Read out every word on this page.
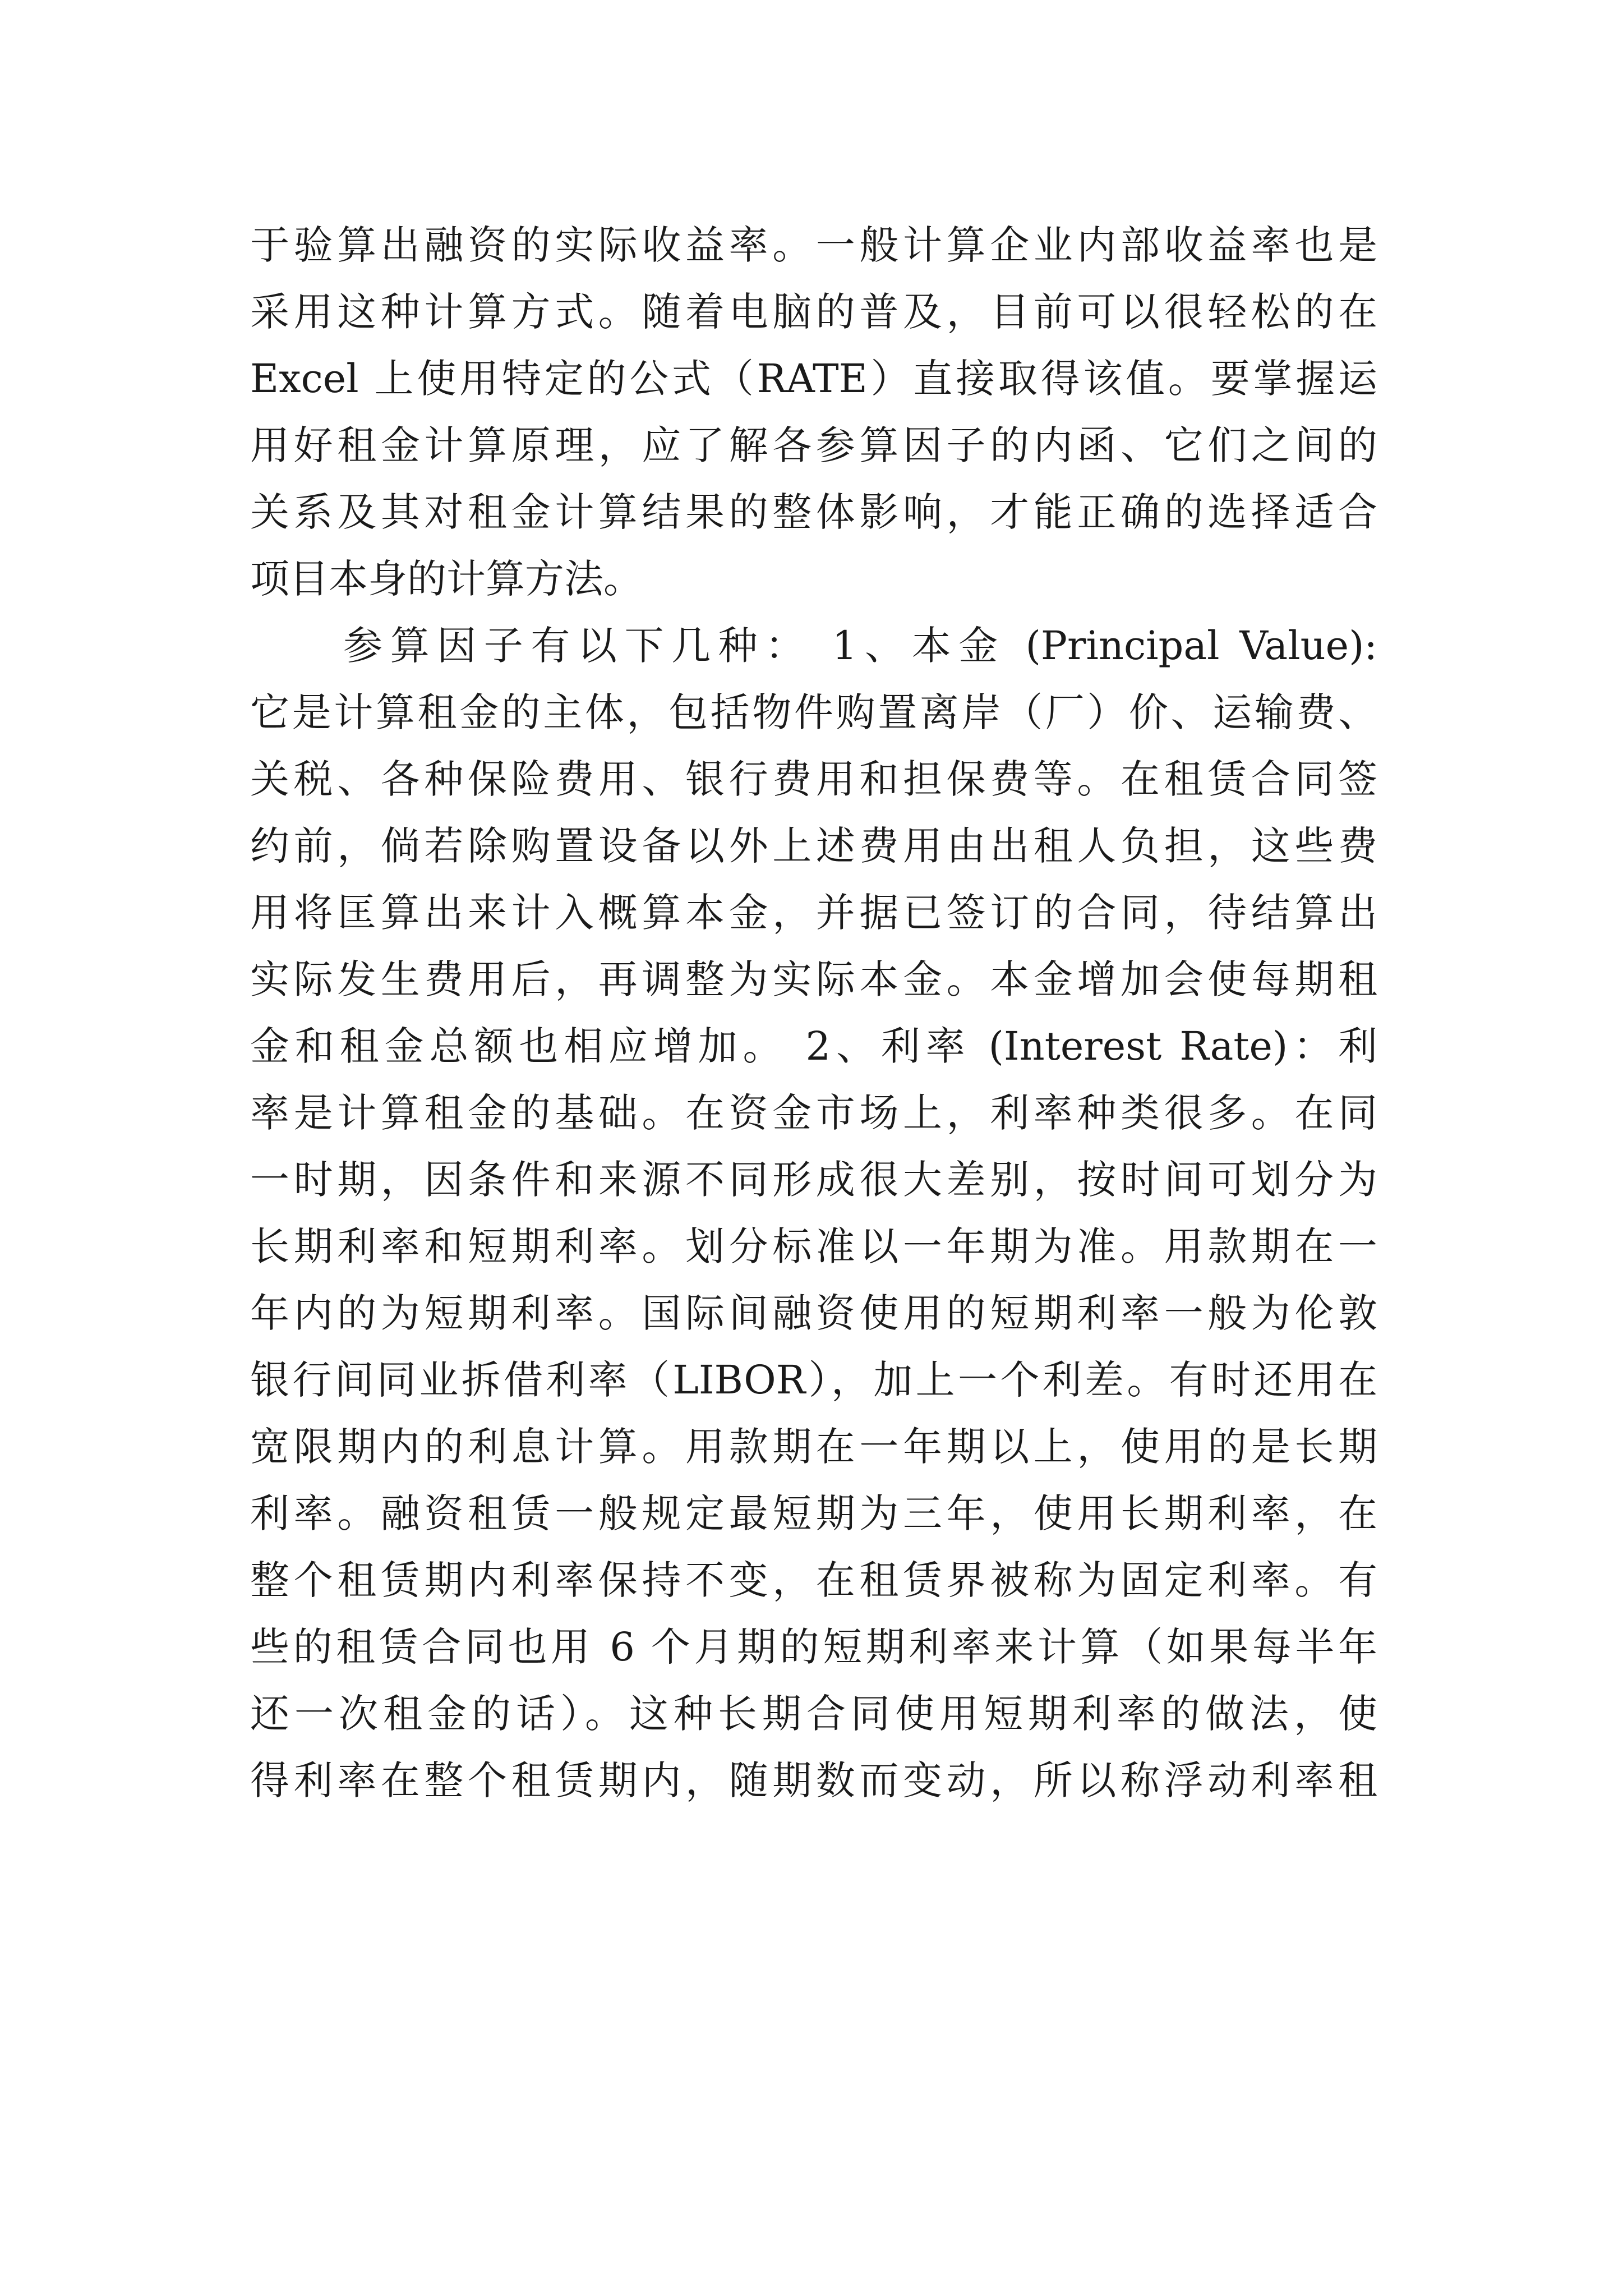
于验算出融资的实际收益率。一般计算企业内部收益率也是
采用这种计算方式。随着电脑的普及，目前可以很轻松的在
Excel 上使用特定的公式（RATE）直接取得该值。要掌握运
用好租金计算原理，应了解各参算因子的内函、它们之间的
关系及其对租金计算结果的整体影响，才能正确的选择适合
项目本身的计算方法。
参算因子有以下几种： 1、本金 (Principal Value):
它是计算租金的主体，包括物件购置离岸（厂）价、运输费、
关税、各种保险费用、银行费用和担保费等。在租赁合同签
约前，倘若除购置设备以外上述费用由出租人负担，这些费
用将匡算出来计入概算本金，并据已签订的合同，待结算出
实际发生费用后，再调整为实际本金。本金增加会使每期租
金和租金总额也相应增加。 2、利率 (Interest Rate)：利
率是计算租金的基础。在资金市场上，利率种类很多。在同
一时期，因条件和来源不同形成很大差别，按时间可划分为
长期利率和短期利率。划分标准以一年期为准。用款期在一
年内的为短期利率。国际间融资使用的短期利率一般为伦敦
银行间同业拆借利率（LIBOR），加上一个利差。有时还用在
宽限期内的利息计算。用款期在一年期以上，使用的是长期
利率。融资租赁一般规定最短期为三年，使用长期利率，在
整个租赁期内利率保持不变，在租赁界被称为固定利率。有
些的租赁合同也用 6 个月期的短期利率来计算（如果每半年
还一次租金的话）。这种长期合同使用短期利率的做法，使
得利率在整个租赁期内，随期数而变动，所以称浮动利率租
